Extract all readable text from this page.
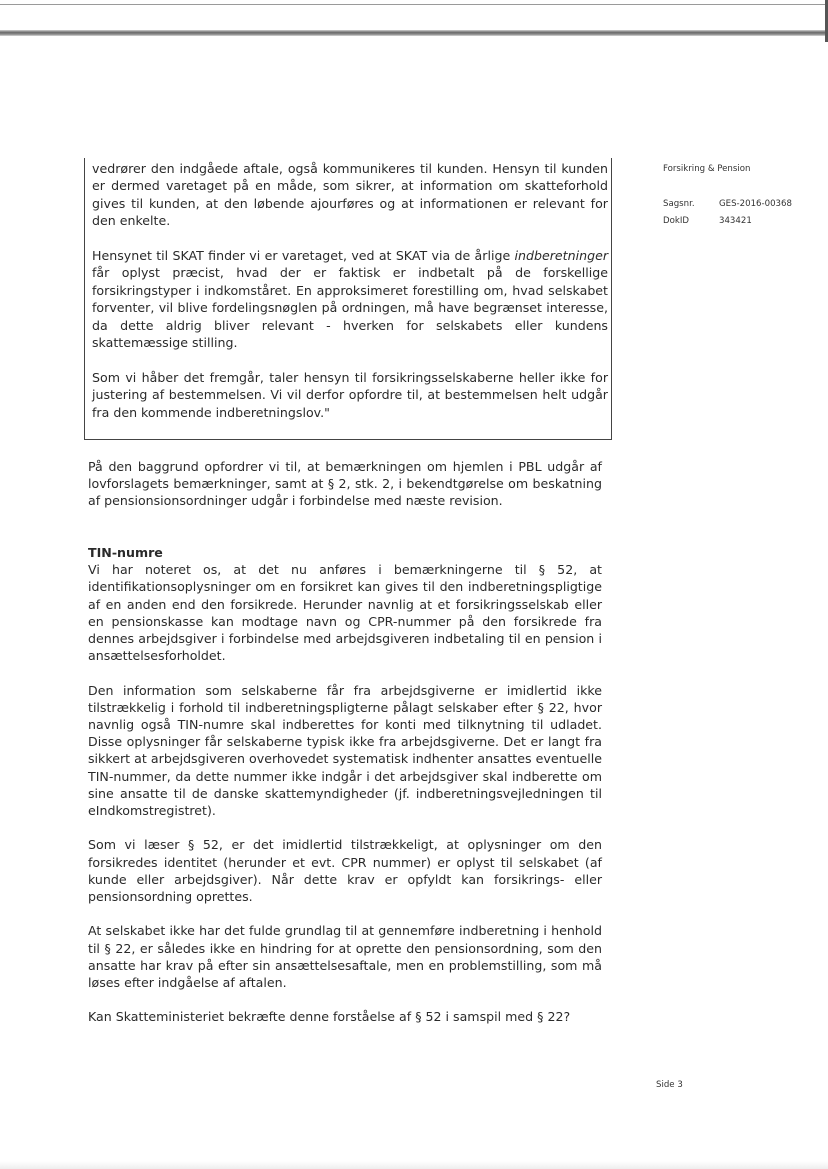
vedrører den indgåede aftale, også kommunikeres til kunden. Hensyn til kunden er dermed varetaget på en måde, som sikrer, at information om skatteforhold gives til kunden, at den løbende ajourføres og at informationen er relevant for den enkelte.

Hensynet til SKAT finder vi er varetaget, ved at SKAT via de årlige indberetninger får oplyst præcist, hvad der er faktisk er indbetalt på de forskellige forsikringstyper i indkomståret. En approksimeret forestilling om, hvad selskabet forventer, vil blive fordelingsnøglen på ordningen, må have begrænset interesse, da dette aldrig bliver relevant - hverken for selskabets eller kundens skattemæssige stilling.

Som vi håber det fremgår, taler hensyn til forsikringsselskaberne heller ikke for justering af bestemmelsen. Vi vil derfor opfordre til, at bestemmelsen helt udgår fra den kommende indberetningslov."

Forsikring & Pension
Sagsnr.	GES-2016-00368
DokID	343421

På den baggrund opfordrer vi til, at bemærkningen om hjemlen i PBL udgår af lovforslagets bemærkninger, samt at § 2, stk. 2, i bekendtgørelse om beskatning af pensionsionsordninger udgår i forbindelse med næste revision.

TIN-numre

Vi har noteret os, at det nu anføres i bemærkningerne til § 52, at identifikationsoplysninger om en forsikret kan gives til den indberetningspligtige af en anden end den forsikrede. Herunder navnlig at et forsikringsselskab eller en pensionskasse kan modtage navn og CPR-nummer på den forsikrede fra dennes arbejdsgiver i forbindelse med arbejdsgiveren indbetaling til en pension i ansættelsesforholdet.

Den information som selskaberne får fra arbejdsgiverne er imidlertid ikke tilstrækkelig i forhold til indberetningspligterne pålagt selskaber efter § 22, hvor navnlig også TIN-numre skal indberettes for konti med tilknytning til udladet. Disse oplysninger får selskaberne typisk ikke fra arbejdsgiverne. Det er langt fra sikkert at arbejdsgiveren overhovedet systematisk indhenter ansattes eventuelle TIN-nummer, da dette nummer ikke indgår i det arbejdsgiver skal indberette om sine ansatte til de danske skattemyndigheder (jf. indberetningsvejledningen til eIndkomstregistret).

Som vi læser § 52, er det imidlertid tilstrækkeligt, at oplysninger om den forsikredes identitet (herunder et evt. CPR nummer) er oplyst til selskabet (af kunde eller arbejdsgiver). Når dette krav er opfyldt kan forsikrings- eller pensionsordning oprettes.

At selskabet ikke har det fulde grundlag til at gennemføre indberetning i henhold til § 22, er således ikke en hindring for at oprette den pensionsordning, som den ansatte har krav på efter sin ansættelsesaftale, men en problemstilling, som må løses efter indgåelse af aftalen.

Kan Skatteministeriet bekræfte denne forståelse af § 52 i samspil med § 22?

Side 3
